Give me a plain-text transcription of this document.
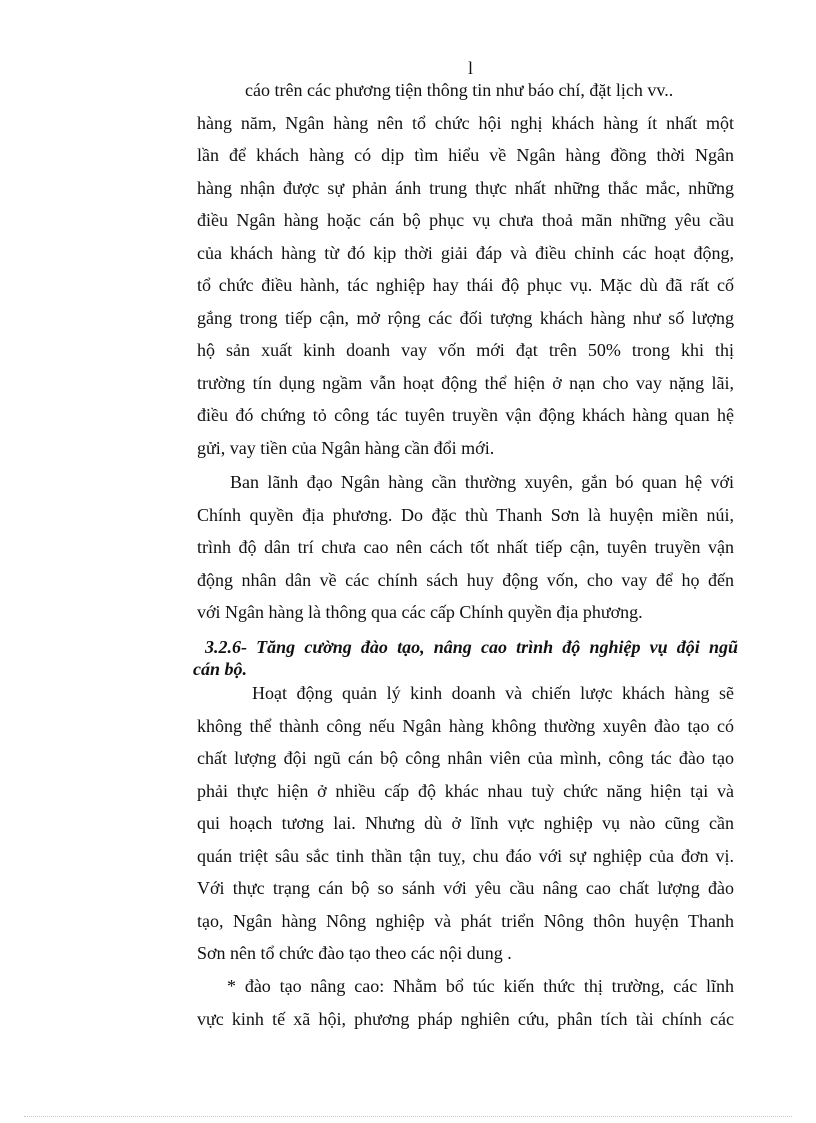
l
cáo trên các phương tiện thông tin như báo chí, đặt lịch vv..
hàng năm, Ngân hàng nên tổ chức hội nghị khách hàng ít nhất một
lần để khách hàng có dịp tìm hiểu về Ngân hàng đồng thời Ngân
hàng nhận được sự phản ánh trung thực nhất những thắc mắc, những
điều Ngân hàng hoặc cán bộ phục vụ chưa thoả mãn những yêu cầu
của khách hàng từ đó kịp thời giải đáp và điều chỉnh các hoạt động,
tổ chức điều hành, tác nghiệp hay thái độ phục vụ. Mặc dù đã rất cố
gắng trong tiếp cận, mở rộng các đối tượng khách hàng như số lượng
hộ sản xuất kinh doanh vay vốn mới đạt trên 50% trong khi thị
trường tín dụng ngầm vẫn hoạt động thể hiện ở nạn cho vay nặng lãi,
điều đó chứng tỏ công tác tuyên truyền vận động khách hàng quan hệ
gửi, vay tiền của Ngân hàng cần đổi mới.
Ban lãnh đạo Ngân hàng cần thường xuyên, gắn bó quan hệ với
Chính quyền địa phương. Do đặc thù Thanh Sơn là huyện miền núi,
trình độ dân trí chưa cao nên cách tốt nhất tiếp cận, tuyên truyền vận
động nhân dân về các chính sách huy động vốn, cho vay để họ đến
với Ngân hàng là thông qua các cấp Chính quyền địa phương.
3.2.6- Tăng cường đào tạo, nâng cao trình độ nghiệp vụ đội ngũ
cán bộ.
Hoạt động quản lý kinh doanh và chiến lược khách hàng sẽ
không thể thành công nếu Ngân hàng không thường xuyên đào tạo có
chất lượng đội ngũ cán bộ công nhân viên của mình, công tác đào tạo
phải thực hiện ở nhiều cấp độ khác nhau tuỳ chức năng hiện tại và
qui hoạch tương lai. Nhưng dù ở lĩnh vực nghiệp vụ nào cũng cần
quán triệt sâu sắc tinh thần tận tuỵ, chu đáo với sự nghiệp của đơn vị.
Với thực trạng cán bộ so sánh với yêu cầu nâng cao chất lượng đào
tạo, Ngân hàng Nông nghiệp và phát triển Nông thôn huyện Thanh
Sơn nên tổ chức đào tạo theo các nội dung .
* đào tạo nâng cao: Nhằm bổ túc kiến thức thị trường, các lĩnh
vực kinh tế xã hội, phương pháp nghiên cứu, phân tích tài chính các
